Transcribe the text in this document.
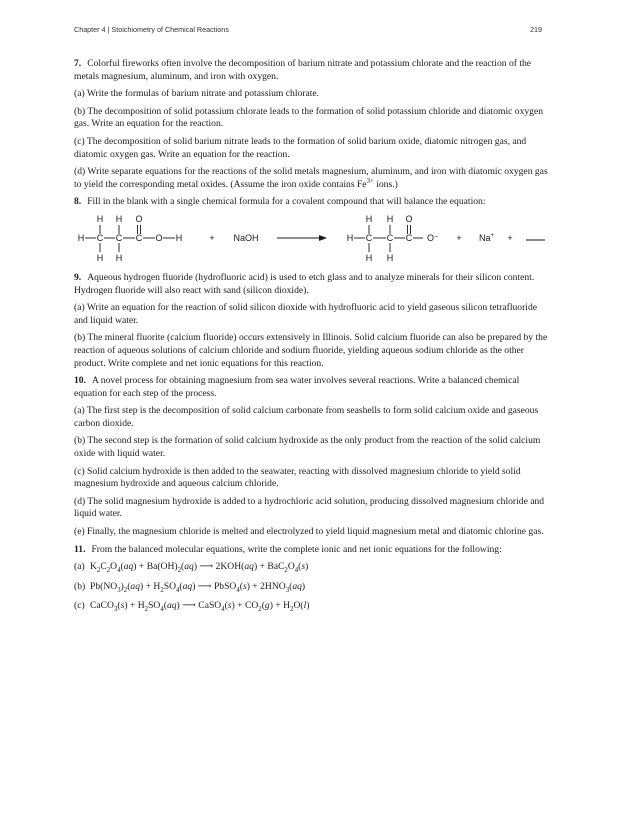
Chapter 4 | Stoichiometry of Chemical Reactions	219

7. Colorful fireworks often involve the decomposition of barium nitrate and potassium chlorate and the reaction of the metals magnesium, aluminum, and iron with oxygen.

(a) Write the formulas of barium nitrate and potassium chlorate.

(b) The decomposition of solid potassium chlorate leads to the formation of solid potassium chloride and diatomic oxygen gas. Write an equation for the reaction.

(c) The decomposition of solid barium nitrate leads to the formation of solid barium oxide, diatomic nitrogen gas, and diatomic oxygen gas. Write an equation for the reaction.

(d) Write separate equations for the reactions of the solid metals magnesium, aluminum, and iron with diatomic oxygen gas to yield the corresponding metal oxides. (Assume the iron oxide contains $Fe^{3+}$ ions.)

8. Fill in the blank with a single chemical formula for a covalent compound that will balance the equation:

H H O
H C C C O H
H H
+ NaOH
H H O
H C C C O⁻
H H
+ Na+ +

9. Aqueous hydrogen fluoride (hydrofluoric acid) is used to etch glass and to analyze minerals for their silicon content. Hydrogen fluoride will also react with sand (silicon dioxide).

(a) Write an equation for the reaction of solid silicon dioxide with hydrofluoric acid to yield gaseous silicon tetrafluoride and liquid water.

(b) The mineral fluorite (calcium fluoride) occurs extensively in Illinois. Solid calcium fluoride can also be prepared by the reaction of aqueous solutions of calcium chloride and sodium fluoride, yielding aqueous sodium chloride as the other product. Write complete and net ionic equations for this reaction.

10. A novel process for obtaining magnesium from sea water involves several reactions. Write a balanced chemical equation for each step of the process.

(a) The first step is the decomposition of solid calcium carbonate from seashells to form solid calcium oxide and gaseous carbon dioxide.

(b) The second step is the formation of solid calcium hydroxide as the only product from the reaction of the solid calcium oxide with liquid water.

(c) Solid calcium hydroxide is then added to the seawater, reacting with dissolved magnesium chloride to yield solid magnesium hydroxide and aqueous calcium chloride.

(d) The solid magnesium hydroxide is added to a hydrochloric acid solution, producing dissolved magnesium chloride and liquid water.

(e) Finally, the magnesium chloride is melted and electrolyzed to yield liquid magnesium metal and diatomic chlorine gas.

11. From the balanced molecular equations, write the complete ionic and net ionic equations for the following:

(a) $K_2C_2O_4(aq) + Ba(OH)_2(aq)$ ⟶ $2KOH(aq) + BaC_2O_4(s)$

(b) $Pb(NO_3)_2(aq) + H_2SO_4(aq)$ ⟶ PbSO$_4$(s) + $2HNO_3(aq)$

(c) CaCO$_3$(s) + $H_2SO_4(aq)$ ⟶ CaSO$_4$(s) + $CO_2(g) + H_2O(l)$
